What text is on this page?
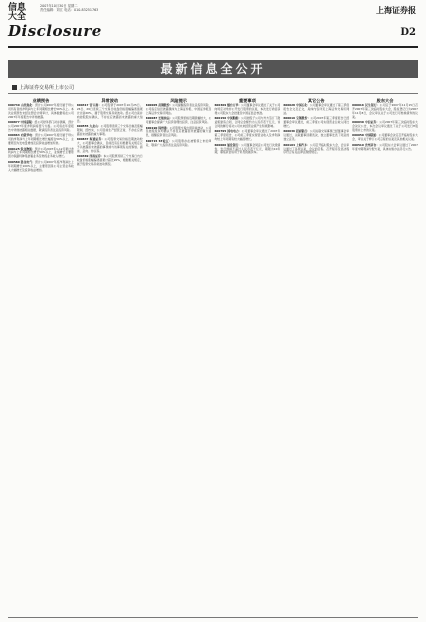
信息大全
2007年10月30日 星期二
责任编辑：刘江 电话：010-83251763
Disclosure
上海证券报
D2
最新信息全公开
上海证券交易所上市公司
业绩预告

600740 山西焦化：预计公司2007年度归属于母公司所有者的净利润与上年同期相比增长50%以上。本次业绩预告未经注册会计师审计，具体数据将在公司2007年年度报告中详细披露。

600877 中国嘉陵：经公司财务部门初步测算，预计公司2007年度净利润将扭亏为盈。公司将在年度报告中详细披露相关数据，敬请投资者注意投资风险。

600863 内蒙华电：预计公司2007年度归属于母公司的净利润与上年同期相比增长幅度在50%以上，主要原因为发电量增加及投资收益增加所致。

600125 铁龙物流：预计公司2007年1-12月累计净利润与上年同期相比增长50%以上，业绩增长主要原因为铁路特种集装箱业务及物流业务收入增长。

600580 卧龙电气：预计公司2007年度净利润比上年同期增长100%以上，主要原因是公司主营业务收入大幅增长及投资收益增加。

异常波动

600317 营口港：公司股票于2007年10月25日、26日、29日连续三个交易日收盘价格涨幅偏离值累计达到20%，属于股票交易异常波动。经公司自查并向控股股东确认，不存在应披露而未披露的重大信息。

600555 九龙山：公司股票连续三个交易日触及涨幅限制，经核实，公司目前生产经营正常，不存在应披露而未披露的重大事项。

600837 海通证券：公司股票交易价格近期波动较大，公司董事会确认，目前没有任何根据有关规定应予以披露而未披露的事项或与该事项有关的筹划、商谈、意向、协议等。

600369 西南证券：本公司股票连续三个交易日内日收盘价格涨幅偏离值累计超过20%，根据相关规定，属于股票交易异常波动情况。

风险提示

600005 武钢股份：公司提醒投资者注意投资风险，公司指定信息披露媒体为上海证券报、中国证券报及上海证券交易所网站。

600087 长航油运：公司股票价格近期涨幅较大，公司董事会提请广大投资者理性投资，注意投资风险。

600190 锦州港：公司股票交易出现异常波动，公司及控股股东均确认不存在应披露而未披露的重大信息，提醒投资者注意风险。

600715 ST松辽：公司股票存在被暂停上市的风险，敬请广大投资者注意投资风险。

重要事项

600309 烟台万华：公司董事会审议通过了关于公司向特定对象非公开发行股票的议案，本次发行尚需获得公司股东大会批准及中国证监会核准。

600150 中国船舶：公司控股子公司与外方签订了散货船建造合同，合同总金额约为人民币若干亿元，该合同的履行将对公司未来经营业绩产生积极影响。

600795 国电电力：公司董事会审议通过了2007年第三季度报告，公司前三季度实现营业收入及净利润均较上年同期有较大幅度增长。

600000 浦发银行：公司董事会同意公司发行次级债券，发行规模不超过人民币若干亿元，期限为10年期，募集资金将用于补充附属资本。

其它公告

600028 中国石化：公司董事会审议通过了第三季度报告全文及正文，具体内容详见上海证券交易所网站。

600019 宝钢股份：公司2007年第三季度报告已经董事会审议通过，前三季度公司实现营业总收入同比增长。

600036 招商银行：公司关联交易事项已经董事会审议通过，关联董事回避表决，独立董事发表了同意的独立意见。

600104 上海汽车：公司召开临时股东大会，会议审议通过了各项议案，会议的召集、召开程序及表决程序符合有关法律法规的规定。

股东大会

600016 民生银行：公司定于2007年11月15日召开2007年第三次临时股东大会，股权登记日为2007年11月8日，会议审议关于公司发行可转换债券的议案。

600030 中信证券：公司2007年第三次临时股东大会决议公告，本次会议审议通过了关于公司发行H股股票并上市的议案。

600050 中国联通：公司董事会决定召开临时股东大会，审议关于修订公司章程的议案及其他相关议案。

600519 贵州茅台：公司股东大会审议通过了2007年度中期利润分配方案，具体实施办法另行公告。
